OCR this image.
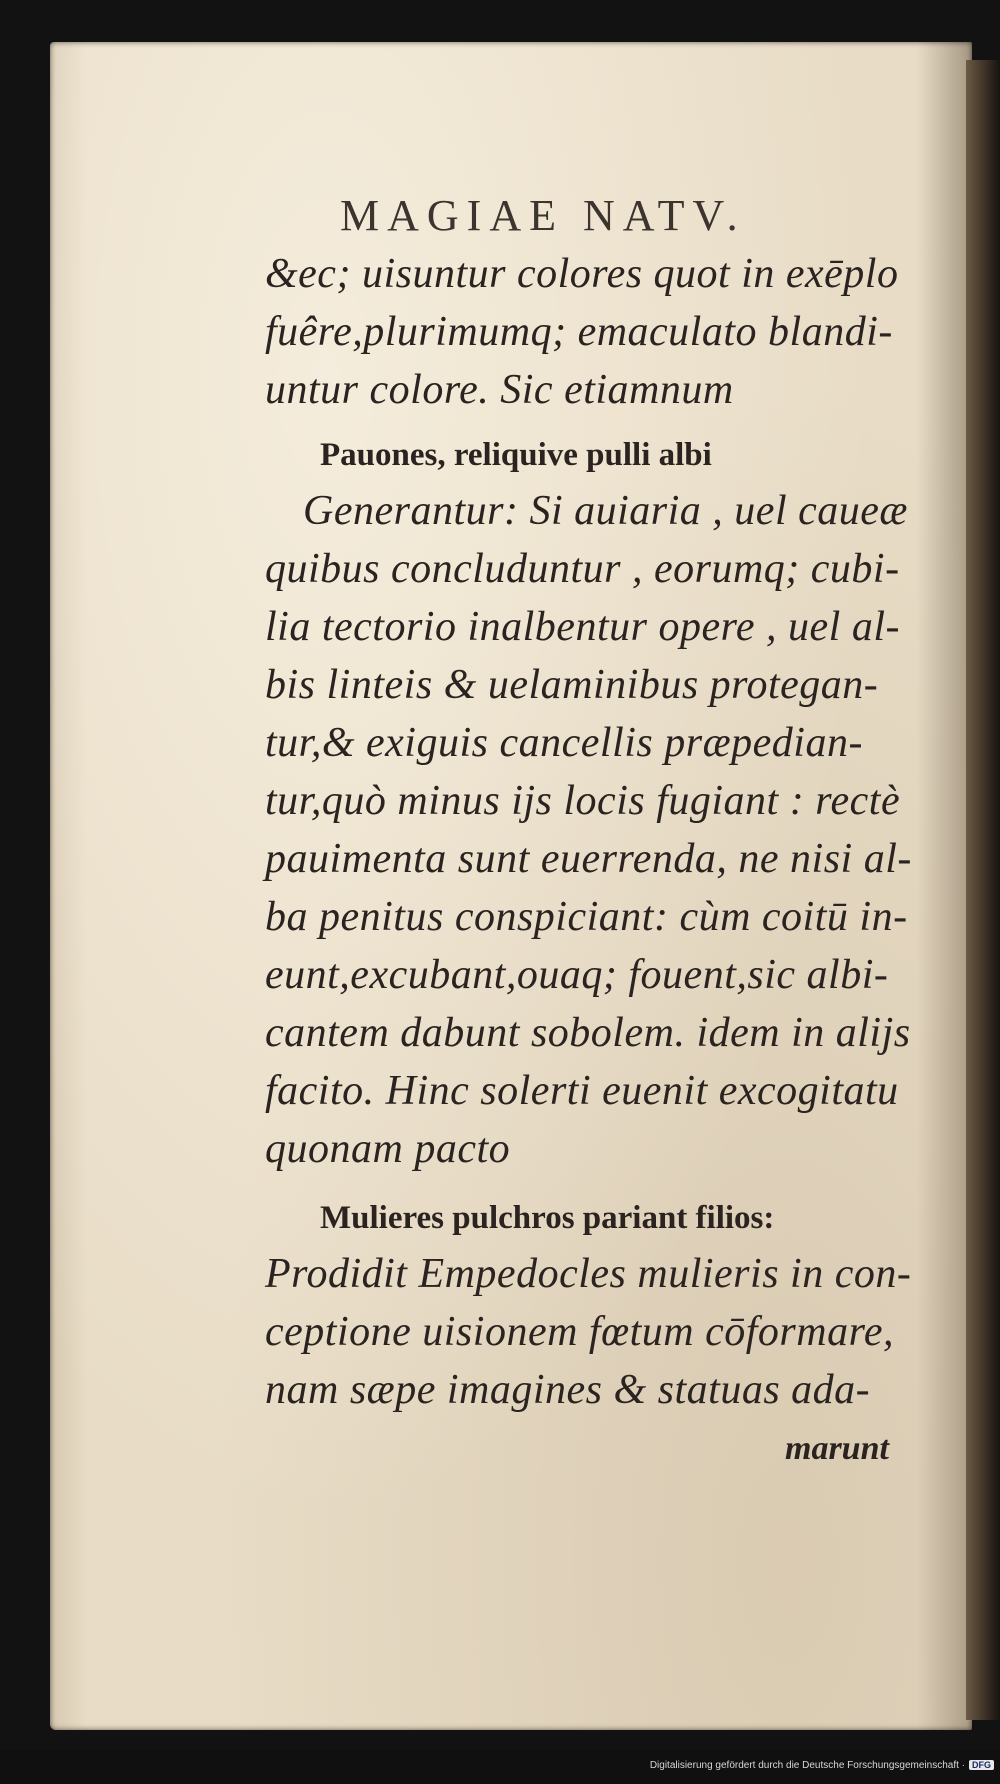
MAGIAE NATV.
&ec; uisuntur colores quot in exēplo
fuêre,plurimumq; emaculato blandi-
untur colore. Sic etiamnum
Pauones, reliquive pulli albi
Generantur: Si auiaria , uel caueæ
quibus concluduntur , eorumq; cubi-
lia tectorio inalbentur opere , uel al-
bis linteis & uelaminibus protegan-
tur,& exiguis cancellis præpedian-
tur,quò minus ijs locis fugiant : rectè
pauimenta sunt euerrenda, ne nisi al-
ba penitus conspiciant: cùm coitū in-
eunt,excubant,ouaq; fouent,sic albi-
cantem dabunt sobolem. idem in alijs
facito. Hinc solerti euenit excogitatu
quonam pacto
Mulieres pulchros pariant filios:
Prodidit Empedocles mulieris in con-
ceptione uisionem fœtum cōformare,
nam sæpe imagines & statuas ada-
marunt
Digitalisierung gefördert durch die Deutsche Forschungsgemeinschaft · DFG
